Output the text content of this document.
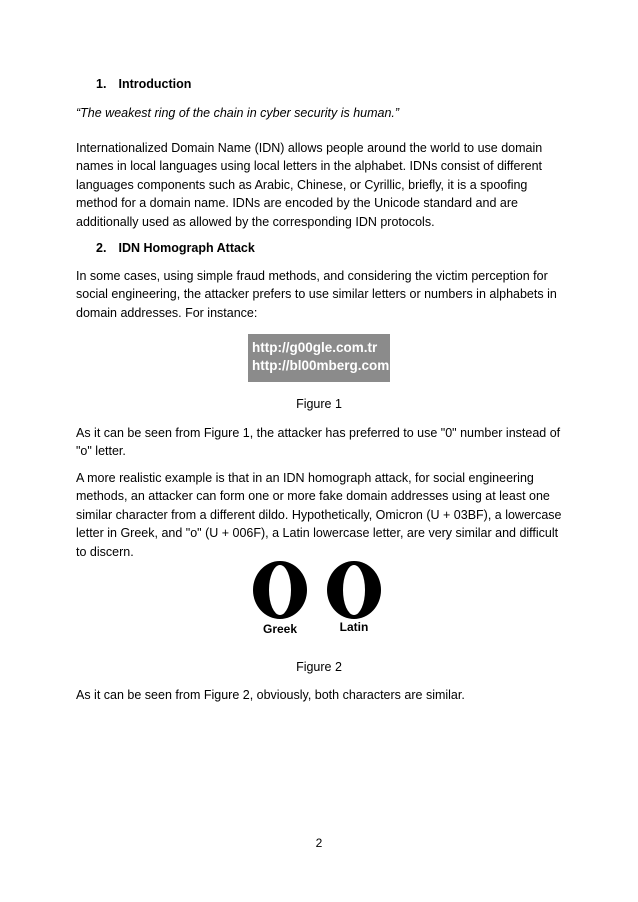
1. Introduction
“The weakest ring of the chain in cyber security is human.”

Internationalized Domain Name (IDN) allows people around the world to use domain names in local languages using local letters in the alphabet. IDNs consist of different languages components such as Arabic, Chinese, or Cyrillic, briefly, it is a spoofing method for a domain name. IDNs are encoded by the Unicode standard and are additionally used as allowed by the corresponding IDN protocols.

2. IDN Homograph Attack

In some cases, using simple fraud methods, and considering the victim perception for social engineering, the attacker prefers to use similar letters or numbers in alphabets in domain addresses. For instance:

http://g00gle.com.tr
http://bl00mberg.com
Figure 1

As it can be seen from Figure 1, the attacker has preferred to use "0" number instead of "o" letter.

A more realistic example is that in an IDN homograph attack, for social engineering methods, an attacker can form one or more fake domain addresses using at least one similar character from a different dildo. Hypothetically, Omicron (U + 03BF), a lowercase letter in Greek, and "o" (U + 006F), a Latin lowercase letter, are very similar and difficult to discern.

Greek	Latin
Figure 2

As it can be seen from Figure 2, obviously, both characters are similar.

2
